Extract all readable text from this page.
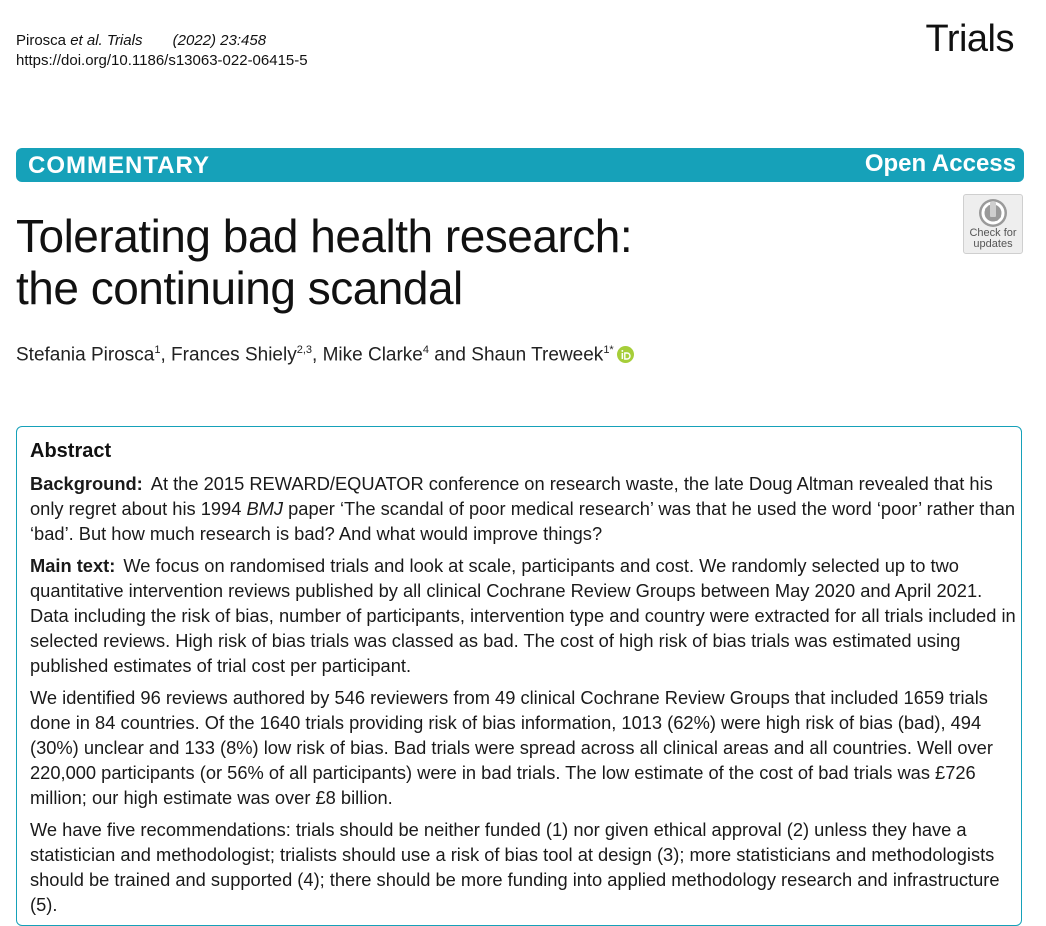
Pirosca et al. Trials (2022) 23:458
https://doi.org/10.1186/s13063-022-06415-5
Trials
COMMENTARY	Open Access
Check for
updates
Tolerating bad health research:
the continuing scandal
Stefania Pirosca$^1$, Frances Shiely$^{2,3}$, Mike Clarke$^4$ and Shaun Treweek$^{1*}$
Abstract

Background: At the 2015 REWARD/EQUATOR conference on research waste, the late Doug Altman revealed that his only regret about his 1994 BMJ paper ‘The scandal of poor medical research’ was that he used the word ‘poor’ rather than ‘bad’. But how much research is bad? And what would improve things?

Main text: We focus on randomised trials and look at scale, participants and cost. We randomly selected up to two quantitative intervention reviews published by all clinical Cochrane Review Groups between May 2020 and April 2021. Data including the risk of bias, number of participants, intervention type and country were extracted for all trials included in selected reviews. High risk of bias trials was classed as bad. The cost of high risk of bias trials was estimated using published estimates of trial cost per participant.

We identified 96 reviews authored by 546 reviewers from 49 clinical Cochrane Review Groups that included 1659 trials done in 84 countries. Of the 1640 trials providing risk of bias information, 1013 (62%) were high risk of bias (bad), 494 (30%) unclear and 133 (8%) low risk of bias. Bad trials were spread across all clinical areas and all countries. Well over 220,000 participants (or 56% of all participants) were in bad trials. The low estimate of the cost of bad trials was £726 million; our high estimate was over £8 billion.

We have five recommendations: trials should be neither funded (1) nor given ethical approval (2) unless they have a statistician and methodologist; trialists should use a risk of bias tool at design (3); more statisticians and methodologists should be trained and supported (4); there should be more funding into applied methodology research and infrastructure (5).
